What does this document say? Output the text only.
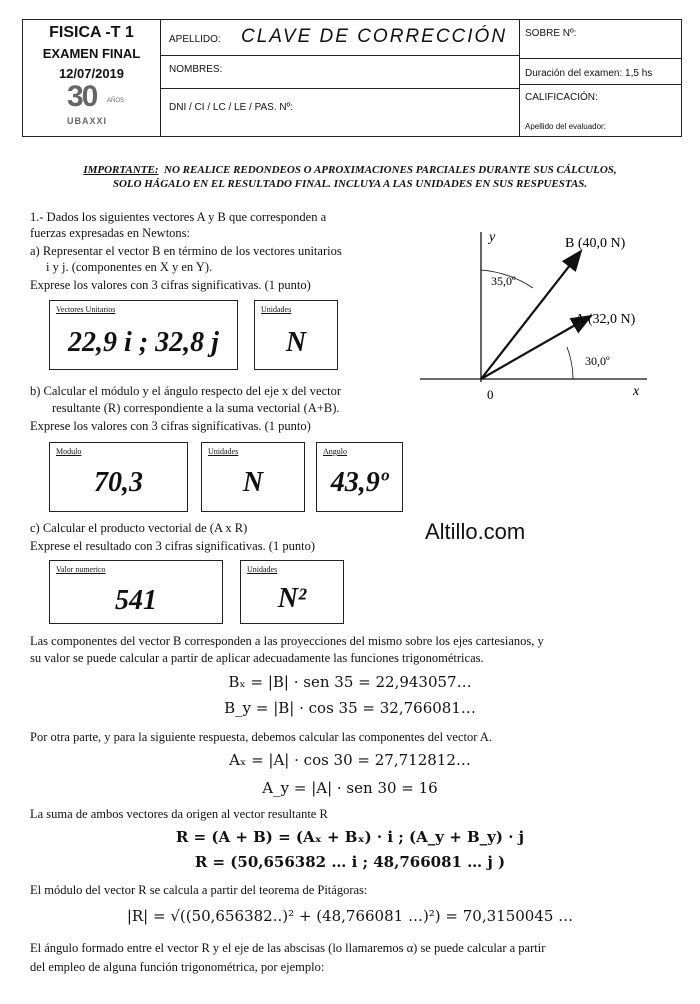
FISICA -T 1
EXAMEN FINAL
12/07/2019
30 AÑOS
UBAXXI
APELLIDO: CLAVE DE CORRECCIÓN
NOMBRES:
DNI / CI / LC / LE / PAS. Nº:
SOBRE Nº:
Duración del examen: 1,5 hs
CALIFICACIÓN:
Apellido del evaluador:
IMPORTANTE: NO REALICE REDONDEOS O APROXIMACIONES PARCIALES DURANTE SUS CÁLCULOS,
SOLO HÁGALO EN EL RESULTADO FINAL. INCLUYA A LAS UNIDADES EN SUS RESPUESTAS.
1.- Dados los siguientes vectores A y B que corresponden a
fuerzas expresadas en Newtons:
a) Representar el vector B en término de los vectores unitarios
i y j. (componentes en X y en Y).
Exprese los valores con 3 cifras significativas. (1 punto)
Vectores Unitarios
22,9 i ; 32,8 j
Unidades
N
b) Calcular el módulo y el ángulo respecto del eje x del vector
resultante (R) correspondiente a la suma vectorial (A+B).
Exprese los valores con 3 cifras significativas. (1 punto)
Modulo
70,3
Unidades
N
Angulo
43,9º
c) Calcular el producto vectorial de (A x R)
Exprese el resultado con 3 cifras significativas. (1 punto)
Valor numerico
541
Unidades
N²
y
x
0
B (40,0 N)
A (32,0 N)
35,0º
30,0º
Altillo.com
Las componentes del vector B corresponden a las proyecciones del mismo sobre los ejes cartesianos, y
su valor se puede calcular a partir de aplicar adecuadamente las funciones trigonométricas.
Bₓ = |B| · sen 35 = 22,943057…
B_y = |B| · cos 35 = 32,766081…
Por otra parte, y para la siguiente respuesta, debemos calcular las componentes del vector A.
Aₓ = |A| · cos 30 = 27,712812…
A_y = |A| · sen 30 = 16
La suma de ambos vectores da origen al vector resultante R
R = (A + B) = (Aₓ + Bₓ) · i ; (A_y + B_y) · j
R = (50,656382 … i ; 48,766081 … j )
El módulo del vector R se calcula a partir del teorema de Pitágoras:
|R| = √((50,656382..)² + (48,766081 …)²) = 70,3150045 …
El ángulo formado entre el vector R y el eje de las abscisas (lo llamaremos α) se puede calcular a partir
del empleo de alguna función trigonométrica, por ejemplo:
